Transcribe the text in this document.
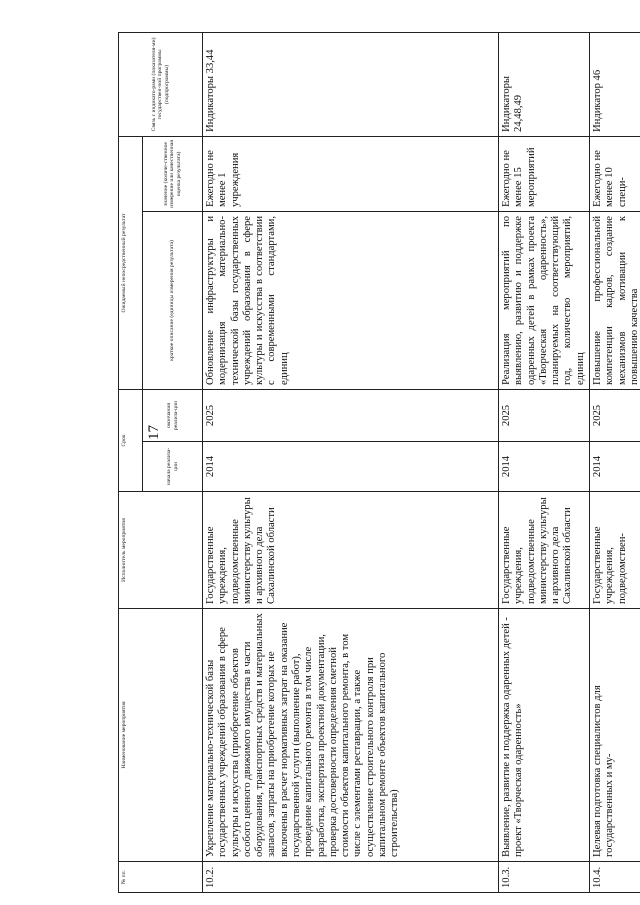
17
№ пп.	Наименование мероприятия	Исполнитель мероприятия	Срок		Ожидаемый непосредственный результат		Связь с индикато-рами (показателя-ми) государствен-ной программы (подпрограммы)
			начала реализа-ции	окончания реализа-ции	краткое описание (единицы измерения результата)	значение (количе-ственное измерение или качественная оценка результата)	
10.2.	Укрепление материально-технической базы государственных учреждений образования в сфере культуры и искусства (приобретение объектов особого ценного движимого имущества в части оборудования, транспортных средств и материальных запасов, затраты на приобретение которых не включены в расчет нормативных затрат на оказание государственной услуги (выполнение работ), проведение капитального ремонта в том числе разработка, экспертиза проектной документации, проверка достоверности определения сметной стоимости объектов капитального ремонта, в том числе с элементами реставрации, а также осуществление строительного контроля при капитальном ремонте объектов капитального строительства)	Государственные учреждения, подведомственные министерству культуры и архивного дела Сахалинской области	2014	2025	Обновление инфраструктуры и модернизация материально-технической базы государственных учреждений образования в сфере культуры и искусства в соответствии с современными стандартами, единиц	Ежегодно не менее 1 учреждения	Индикаторы 33,44
10.3.	Выявление, развитие и поддержка одаренных детей - проект «Творческая одаренность»	Государственные учреждения, подведомственные министерству культуры и архивного дела Сахалинской области	2014	2025	Реализация мероприятий по выявлению, развитию и поддержке одаренных детей в рамках проекта «Творческая одаренность», планируемых на соответствующий год, количество мероприятий, единиц	Ежегодно не менее 15 мероприятий	Индикаторы 24,48,49
10.4.	Целевая подготовка специалистов для государственных и му-	Государственные учреждения, подведомствен-	2014	2025	Повышение профессиональной компетенции кадров, создание механизмов мотивации к повышению качества	Ежегодно не менее 10 специ-	Индикатор 46
